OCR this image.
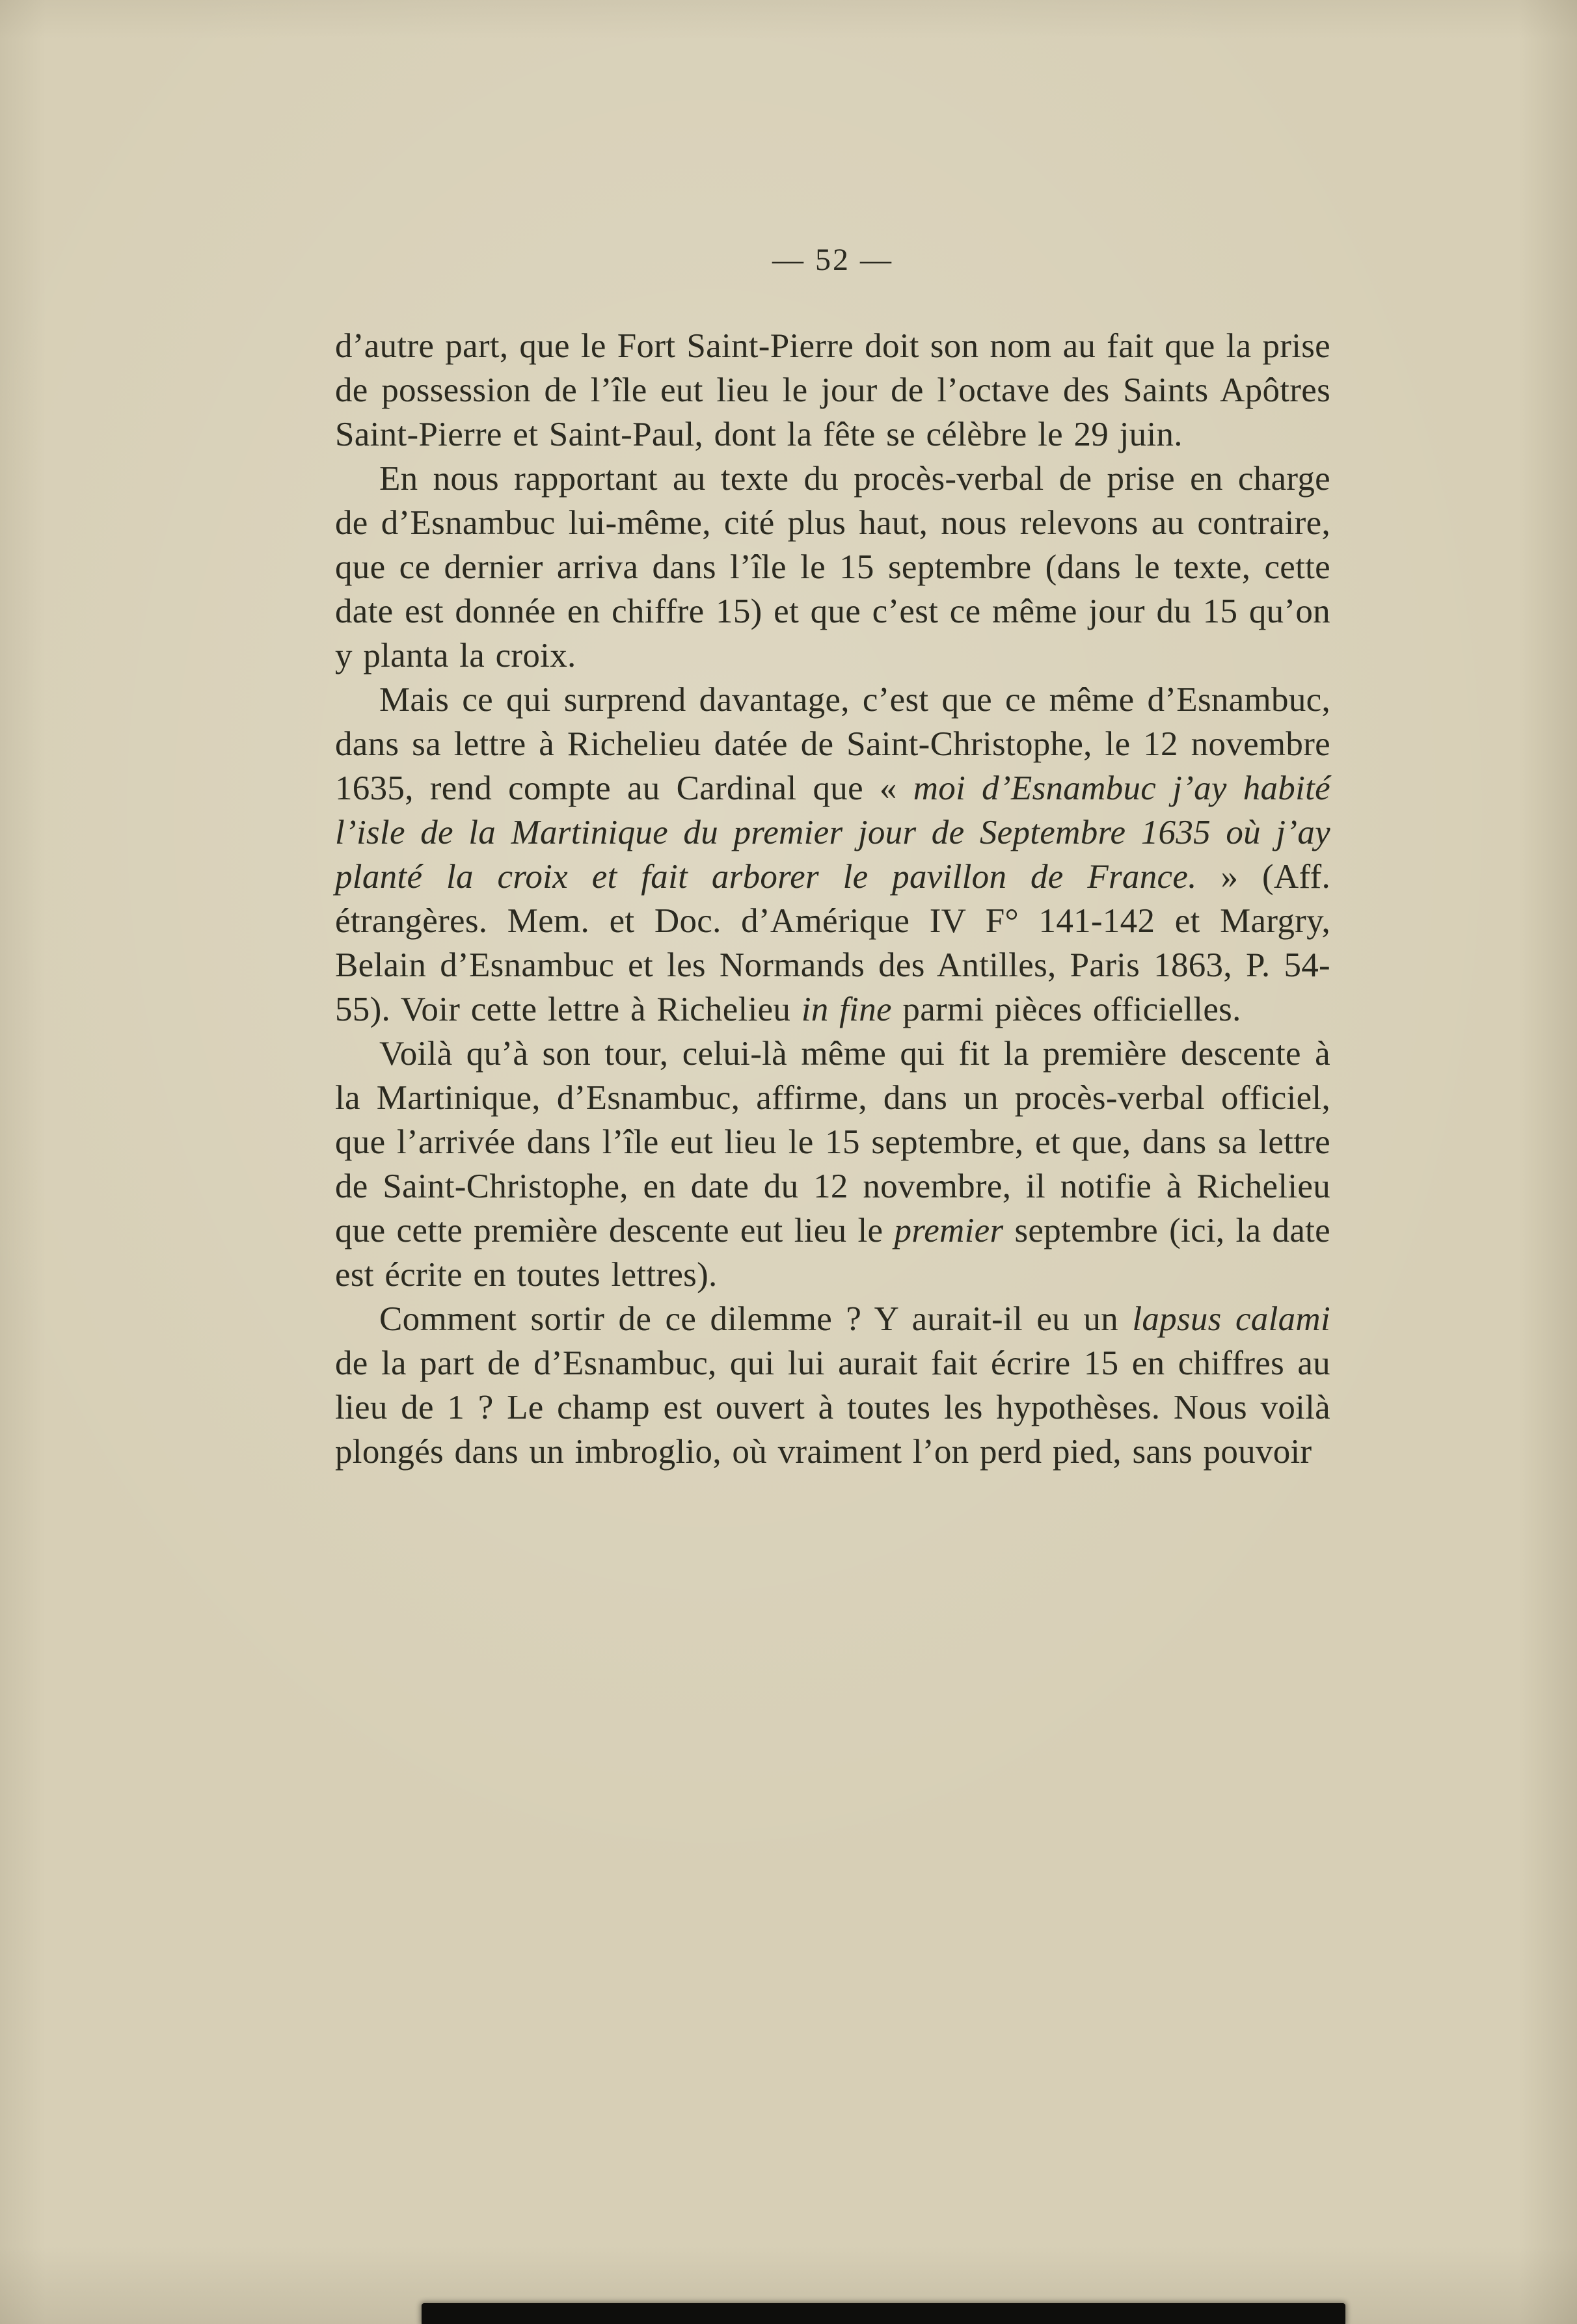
— 52 —

d’autre part, que le Fort Saint-Pierre doit son nom au fait que la prise de possession de l’île eut lieu le jour de l’octave des Saints Apôtres Saint-Pierre et Saint-Paul, dont la fête se célèbre le 29 juin.

En nous rapportant au texte du procès-verbal de prise en charge de d’Esnambuc lui-même, cité plus haut, nous relevons au contraire, que ce dernier arriva dans l’île le 15 septembre (dans le texte, cette date est donnée en chiffre 15) et que c’est ce même jour du 15 qu’on y planta la croix.

Mais ce qui surprend davantage, c’est que ce même d’Esnambuc, dans sa lettre à Richelieu datée de Saint-Christophe, le 12 novembre 1635, rend compte au Cardinal que « moi d’Esnambuc j’ay habité l’isle de la Martinique du premier jour de Septembre 1635 où j’ay planté la croix et fait arborer le pavillon de France. » (Aff. étrangères. Mem. et Doc. d’Amérique IV F° 141-142 et Margry, Belain d’Esnambuc et les Normands des Antilles, Paris 1863, P. 54-55). Voir cette lettre à Richelieu in fine parmi pièces officielles.

Voilà qu’à son tour, celui-là même qui fit la première descente à la Martinique, d’Esnambuc, affirme, dans un procès-verbal officiel, que l’arrivée dans l’île eut lieu le 15 septembre, et que, dans sa lettre de Saint-Christophe, en date du 12 novembre, il notifie à Richelieu que cette première descente eut lieu le premier septembre (ici, la date est écrite en toutes lettres).

Comment sortir de ce dilemme ? Y aurait-il eu un lapsus calami de la part de d’Esnambuc, qui lui aurait fait écrire 15 en chiffres au lieu de 1 ? Le champ est ouvert à toutes les hypothèses. Nous voilà plongés dans un imbroglio, où vraiment l’on perd pied, sans pouvoir
